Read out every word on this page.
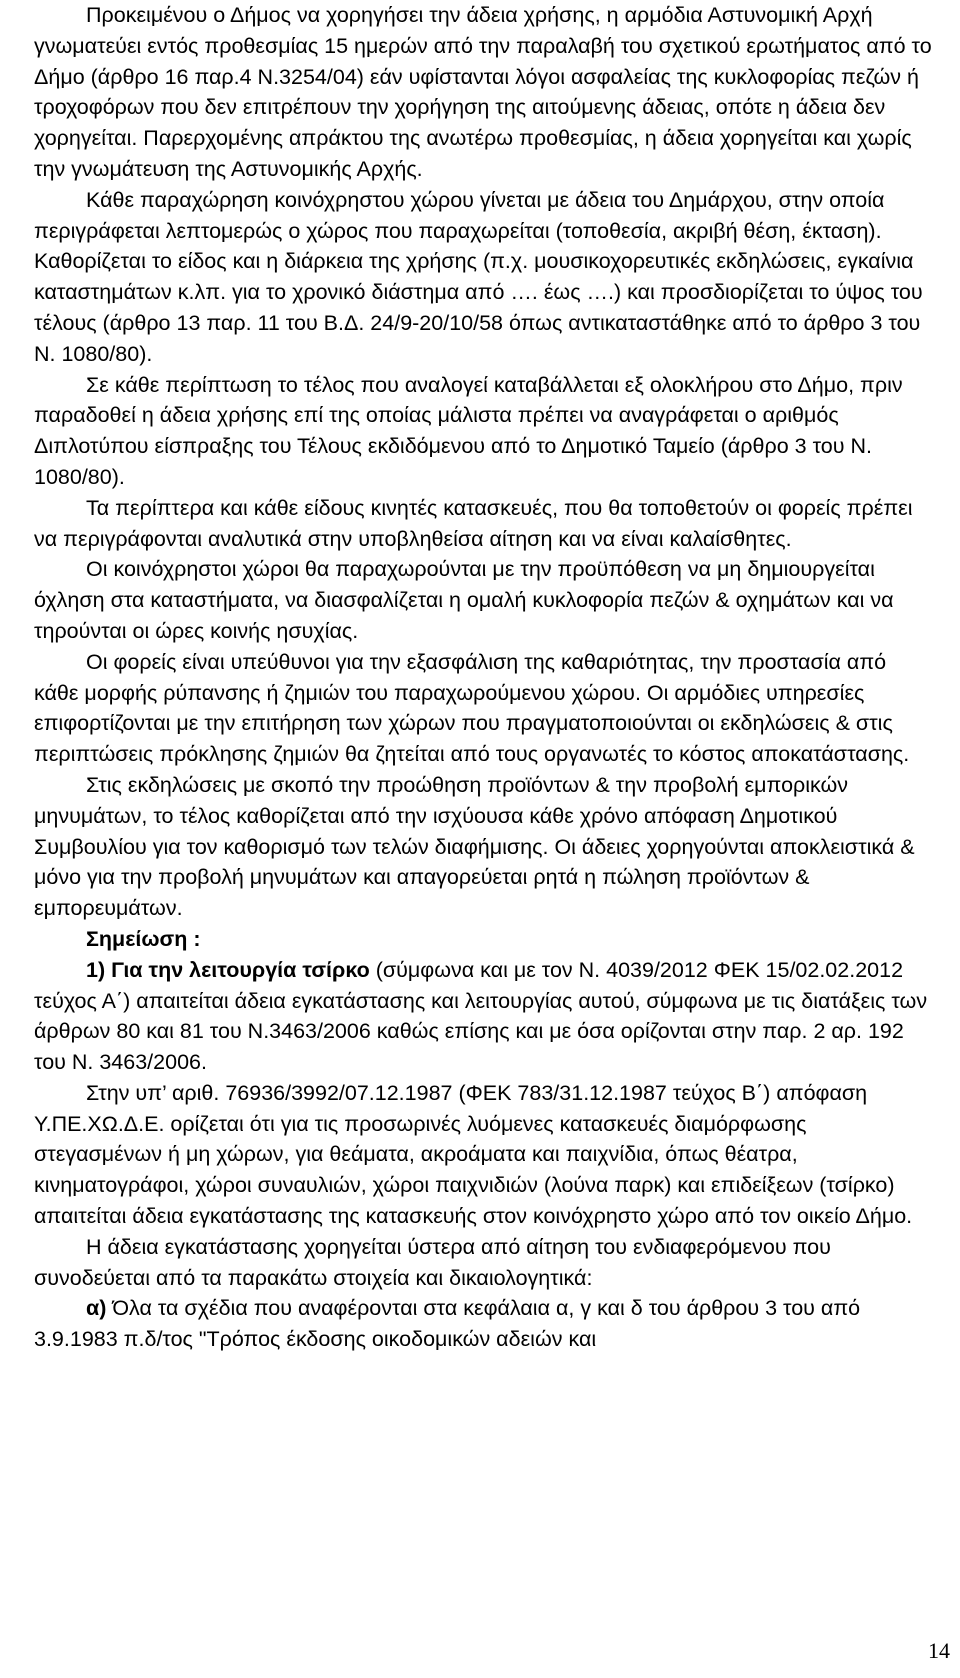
Προκειμένου ο Δήμος να χορηγήσει την άδεια χρήσης, η αρμόδια Αστυνομική Αρχή γνωματεύει εντός προθεσμίας 15 ημερών από την παραλαβή του σχετικού ερωτήματος από το Δήμο (άρθρο 16 παρ.4 Ν.3254/04) εάν υφίστανται λόγοι ασφαλείας της κυκλοφορίας πεζών ή τροχοφόρων που δεν επιτρέπουν την χορήγηση της αιτούμενης άδειας, οπότε η άδεια δεν χορηγείται. Παρερχομένης απράκτου της ανωτέρω προθεσμίας, η άδεια χορηγείται και χωρίς την γνωμάτευση της Αστυνομικής Αρχής.

Κάθε παραχώρηση κοινόχρηστου χώρου γίνεται με άδεια του Δημάρχου, στην οποία περιγράφεται λεπτομερώς ο χώρος που παραχωρείται (τοποθεσία, ακριβή θέση, έκταση). Καθορίζεται το είδος και η διάρκεια της χρήσης (π.χ. μουσικοχορευτικές εκδηλώσεις, εγκαίνια καταστημάτων κ.λπ. για το χρονικό διάστημα από …. έως ….) και προσδιορίζεται το ύψος του τέλους (άρθρο 13 παρ. 11 του Β.Δ. 24/9-20/10/58 όπως αντικαταστάθηκε από το άρθρο 3 του Ν. 1080/80).

Σε κάθε περίπτωση το τέλος που αναλογεί καταβάλλεται εξ ολοκλήρου στο Δήμο, πριν παραδοθεί η άδεια χρήσης επί της οποίας μάλιστα πρέπει να αναγράφεται ο αριθμός Διπλοτύπου είσπραξης του Τέλους εκδιδόμενου από το Δημοτικό Ταμείο (άρθρο 3 του Ν. 1080/80).

Τα περίπτερα και κάθε είδους κινητές κατασκευές, που θα τοποθετούν οι φορείς πρέπει να περιγράφονται αναλυτικά στην υποβληθείσα αίτηση και να είναι καλαίσθητες.

Οι κοινόχρηστοι χώροι θα παραχωρούνται με την προϋπόθεση να μη δημιουργείται όχληση στα καταστήματα, να διασφαλίζεται η ομαλή κυκλοφορία πεζών & οχημάτων και να τηρούνται οι ώρες κοινής ησυχίας.

Οι φορείς είναι υπεύθυνοι για την εξασφάλιση της καθαριότητας, την προστασία από κάθε μορφής ρύπανσης ή ζημιών του παραχωρούμενου χώρου. Οι αρμόδιες υπηρεσίες επιφορτίζονται με την επιτήρηση των χώρων που πραγματοποιούνται οι εκδηλώσεις & στις περιπτώσεις πρόκλησης ζημιών θα ζητείται από τους οργανωτές το κόστος αποκατάστασης.

Στις εκδηλώσεις με σκοπό την προώθηση προϊόντων & την προβολή εμπορικών μηνυμάτων, το τέλος καθορίζεται από την ισχύουσα κάθε χρόνο απόφαση Δημοτικού Συμβουλίου για τον καθορισμό των τελών διαφήμισης. Οι άδειες χορηγούνται αποκλειστικά & μόνο για την προβολή μηνυμάτων και απαγορεύεται ρητά η πώληση προϊόντων & εμπορευμάτων.

Σημείωση :

1) Για την λειτουργία τσίρκο (σύμφωνα και με τον Ν. 4039/2012 ΦΕΚ 15/02.02.2012 τεύχος Α΄) απαιτείται άδεια εγκατάστασης και λειτουργίας αυτού, σύμφωνα με τις διατάξεις των άρθρων 80 και 81 του Ν.3463/2006 καθώς επίσης και με όσα ορίζονται στην παρ. 2 αρ. 192 του Ν. 3463/2006.

Στην υπ’ αριθ. 76936/3992/07.12.1987 (ΦΕΚ 783/31.12.1987 τεύχος Β΄) απόφαση Υ.ΠΕ.ΧΩ.Δ.Ε. ορίζεται ότι για τις προσωρινές λυόμενες κατασκευές διαμόρφωσης στεγασμένων ή μη χώρων, για θεάματα, ακροάματα και παιχνίδια, όπως θέατρα, κινηματογράφοι, χώροι συναυλιών, χώροι παιχνιδιών (λούνα παρκ) και επιδείξεων (τσίρκο) απαιτείται άδεια εγκατάστασης της κατασκευής στον κοινόχρηστο χώρο από τον οικείο Δήμο.

Η άδεια εγκατάστασης χορηγείται ύστερα από αίτηση του ενδιαφερόμενου που συνοδεύεται από τα παρακάτω στοιχεία και δικαιολογητικά:

α) Όλα τα σχέδια που αναφέρονται στα κεφάλαια α, γ και δ του άρθρου 3 του από 3.9.1983 π.δ/τος "Τρόπος έκδοσης οικοδομικών αδειών και

14
